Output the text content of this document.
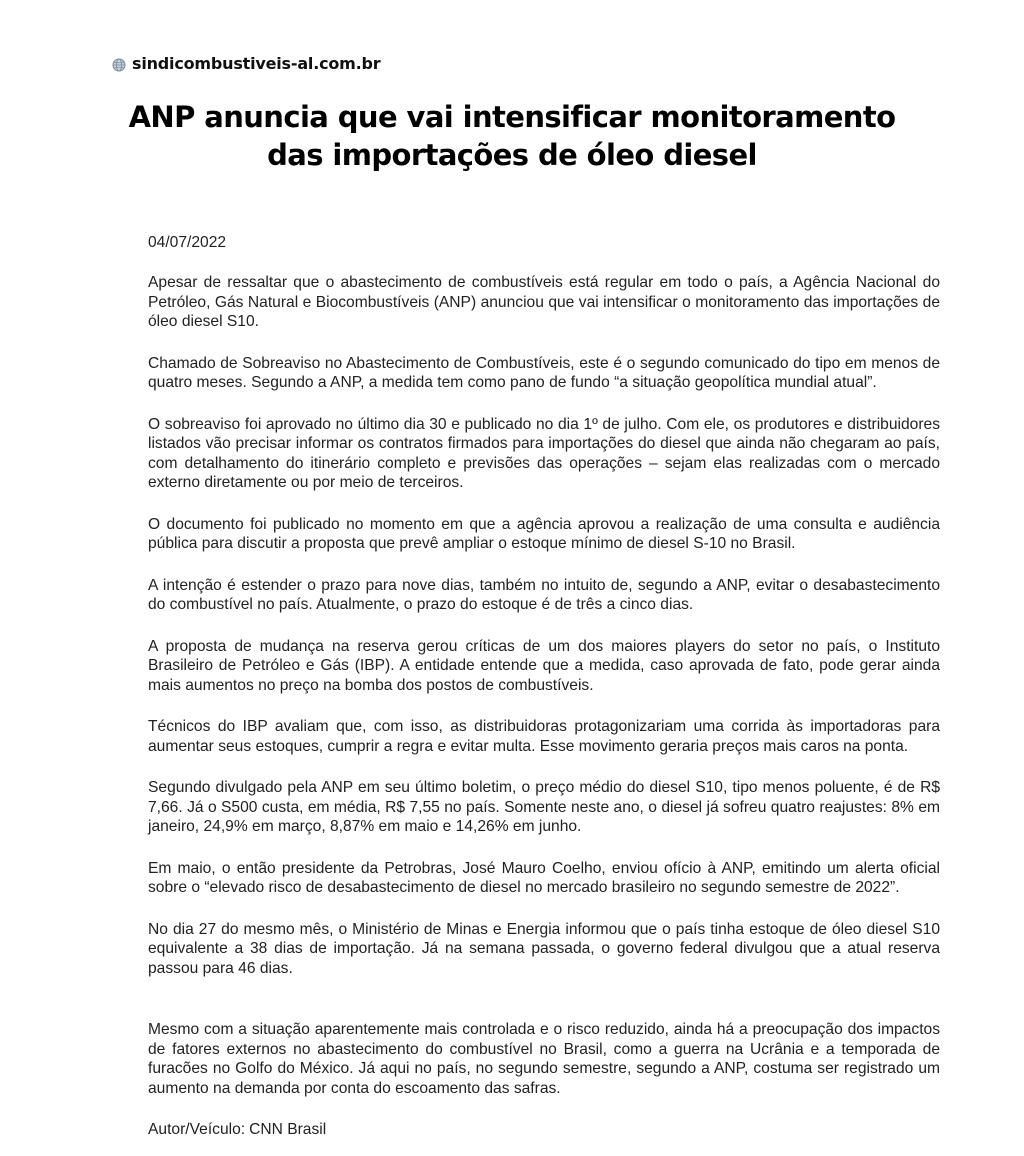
sindicombustiveis-al.com.br
ANP anuncia que vai intensificar monitoramento
das importações de óleo diesel
04/07/2022

Apesar de ressaltar que o abastecimento de combustíveis está regular em todo o país, a Agência Nacional do Petróleo, Gás Natural e Biocombustíveis (ANP) anunciou que vai intensificar o monitoramento das importações de óleo diesel S10.

Chamado de Sobreaviso no Abastecimento de Combustíveis, este é o segundo comunicado do tipo em menos de quatro meses. Segundo a ANP, a medida tem como pano de fundo “a situação geopolítica mundial atual”.

O sobreaviso foi aprovado no último dia 30 e publicado no dia 1º de julho. Com ele, os produtores e distribuidores listados vão precisar informar os contratos firmados para importações do diesel que ainda não chegaram ao país, com detalhamento do itinerário completo e previsões das operações – sejam elas realizadas com o mercado externo diretamente ou por meio de terceiros.

O documento foi publicado no momento em que a agência aprovou a realização de uma consulta e audiência pública para discutir a proposta que prevê ampliar o estoque mínimo de diesel S-10 no Brasil.

A intenção é estender o prazo para nove dias, também no intuito de, segundo a ANP, evitar o desabastecimento do combustível no país. Atualmente, o prazo do estoque é de três a cinco dias.

A proposta de mudança na reserva gerou críticas de um dos maiores players do setor no país, o Instituto Brasileiro de Petróleo e Gás (IBP). A entidade entende que a medida, caso aprovada de fato, pode gerar ainda mais aumentos no preço na bomba dos postos de combustíveis.

Técnicos do IBP avaliam que, com isso, as distribuidoras protagonizariam uma corrida às importadoras para aumentar seus estoques, cumprir a regra e evitar multa. Esse movimento geraria preços mais caros na ponta.

Segundo divulgado pela ANP em seu último boletim, o preço médio do diesel S10, tipo menos poluente, é de R$ 7,66. Já o S500 custa, em média, R$ 7,55 no país. Somente neste ano, o diesel já sofreu quatro reajustes: 8% em janeiro, 24,9% em março, 8,87% em maio e 14,26% em junho.

Em maio, o então presidente da Petrobras, José Mauro Coelho, enviou ofício à ANP, emitindo um alerta oficial sobre o “elevado risco de desabastecimento de diesel no mercado brasileiro no segundo semestre de 2022”.

No dia 27 do mesmo mês, o Ministério de Minas e Energia informou que o país tinha estoque de óleo diesel S10 equivalente a 38 dias de importação. Já na semana passada, o governo federal divulgou que a atual reserva passou para 46 dias.

Mesmo com a situação aparentemente mais controlada e o risco reduzido, ainda há a preocupação dos impactos de fatores externos no abastecimento do combustível no Brasil, como a guerra na Ucrânia e a temporada de furacões no Golfo do México. Já aqui no país, no segundo semestre, segundo a ANP, costuma ser registrado um aumento na demanda por conta do escoamento das safras.

Autor/Veículo: CNN Brasil
